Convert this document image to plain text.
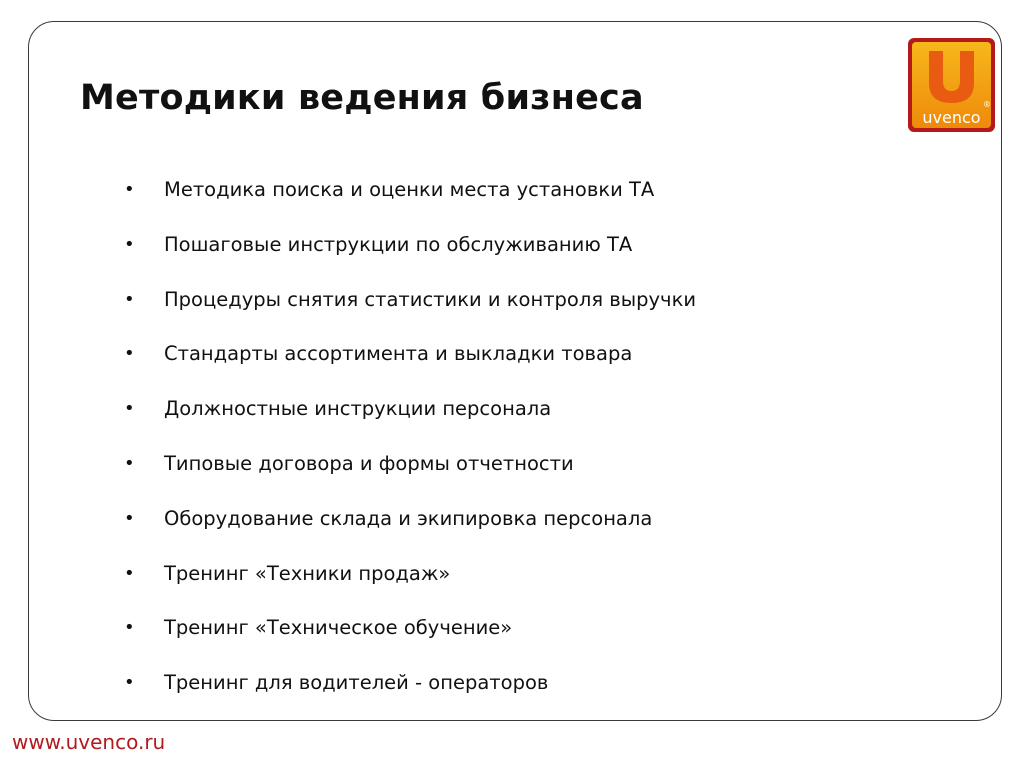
Методики ведения бизнеса	uvenco
®
•	Методика поиска и оценки места установки ТА
•	Пошаговые инструкции по обслуживанию ТА
•	Процедуры снятия статистики и контроля выручки
•	Стандарты ассортимента и выкладки товара
•	Должностные инструкции персонала
•	Типовые договора и формы отчетности
•	Оборудование склада и экипировка персонала
•	Тренинг «Техники продаж»
•	Тренинг «Техническое обучение»
•	Тренинг для водителей - операторов
www.uvenco.ru
